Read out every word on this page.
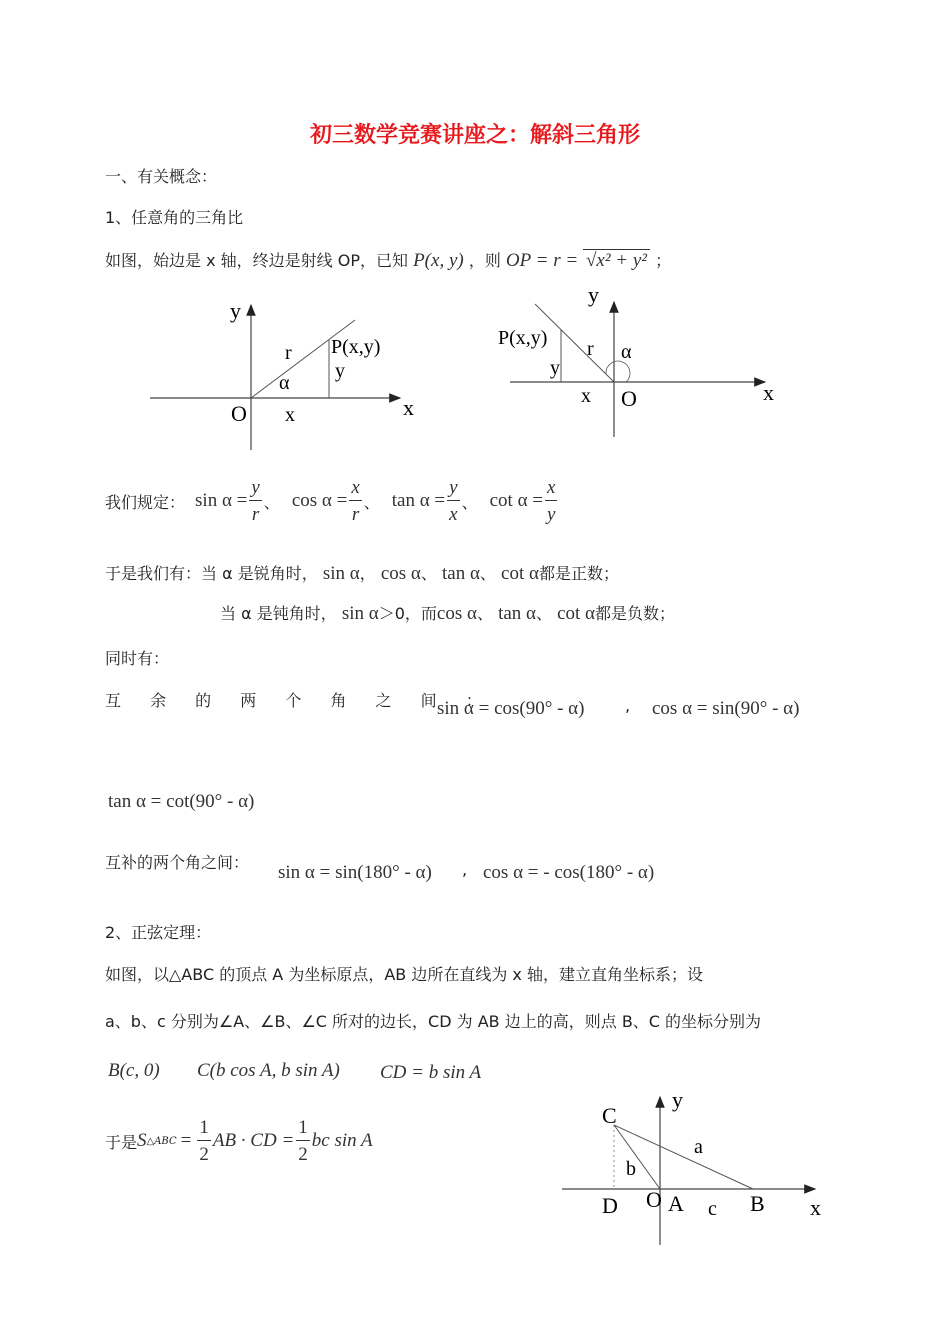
初三数学竞赛讲座之：解斜三角形
一、有关概念：
1、任意角的三角比
如图，始边是 x 轴，终边是射线 OP，已知 P(x, y) ，则 OP = r = √x² + y² ；
y
x
O
r P(x,y)
α
y
x
y
x
O
r
P(x,y)
α
y
x
我们规定： $\sin \alpha = \frac{y}{r}$ 、 $\cos \alpha = \frac{x}{r}$ 、 $\tan \alpha = \frac{y}{x}$ 、 $\cot \alpha = \frac{x}{y}$
于是我们有：当 α 是锐角时， sin α， cos α、 tan α、 cot α都是正数；
当 α 是钝角时， sin α＞0，而cos α、 tan α、 cot α都是负数；
同时有：
互 余 的 两 个 角 之 间 ：
sin α = cos(90° - α)	, cos α = sin(90° - α)
tan α = cot(90° - α)
互补的两个角之间： sin α = sin(180° - α) , cos α = - cos(180° - α)
2、正弦定理：
如图，以△ABC 的顶点 A 为坐标原点，AB 边所在直线为 x 轴，建立直角坐标系；设
a、b、c 分别为∠A、∠B、∠C 所对的边长，CD 为 AB 边上的高，则点 B、C 的坐标分别为
B(c, 0) C(b cos A, b sin A) CD = b sin A
于是 S △ABC = $\frac{1}{2}$ AB · CD = $\frac{1}{2}$ bc sin A
C
y
a
b
D O A c B x
